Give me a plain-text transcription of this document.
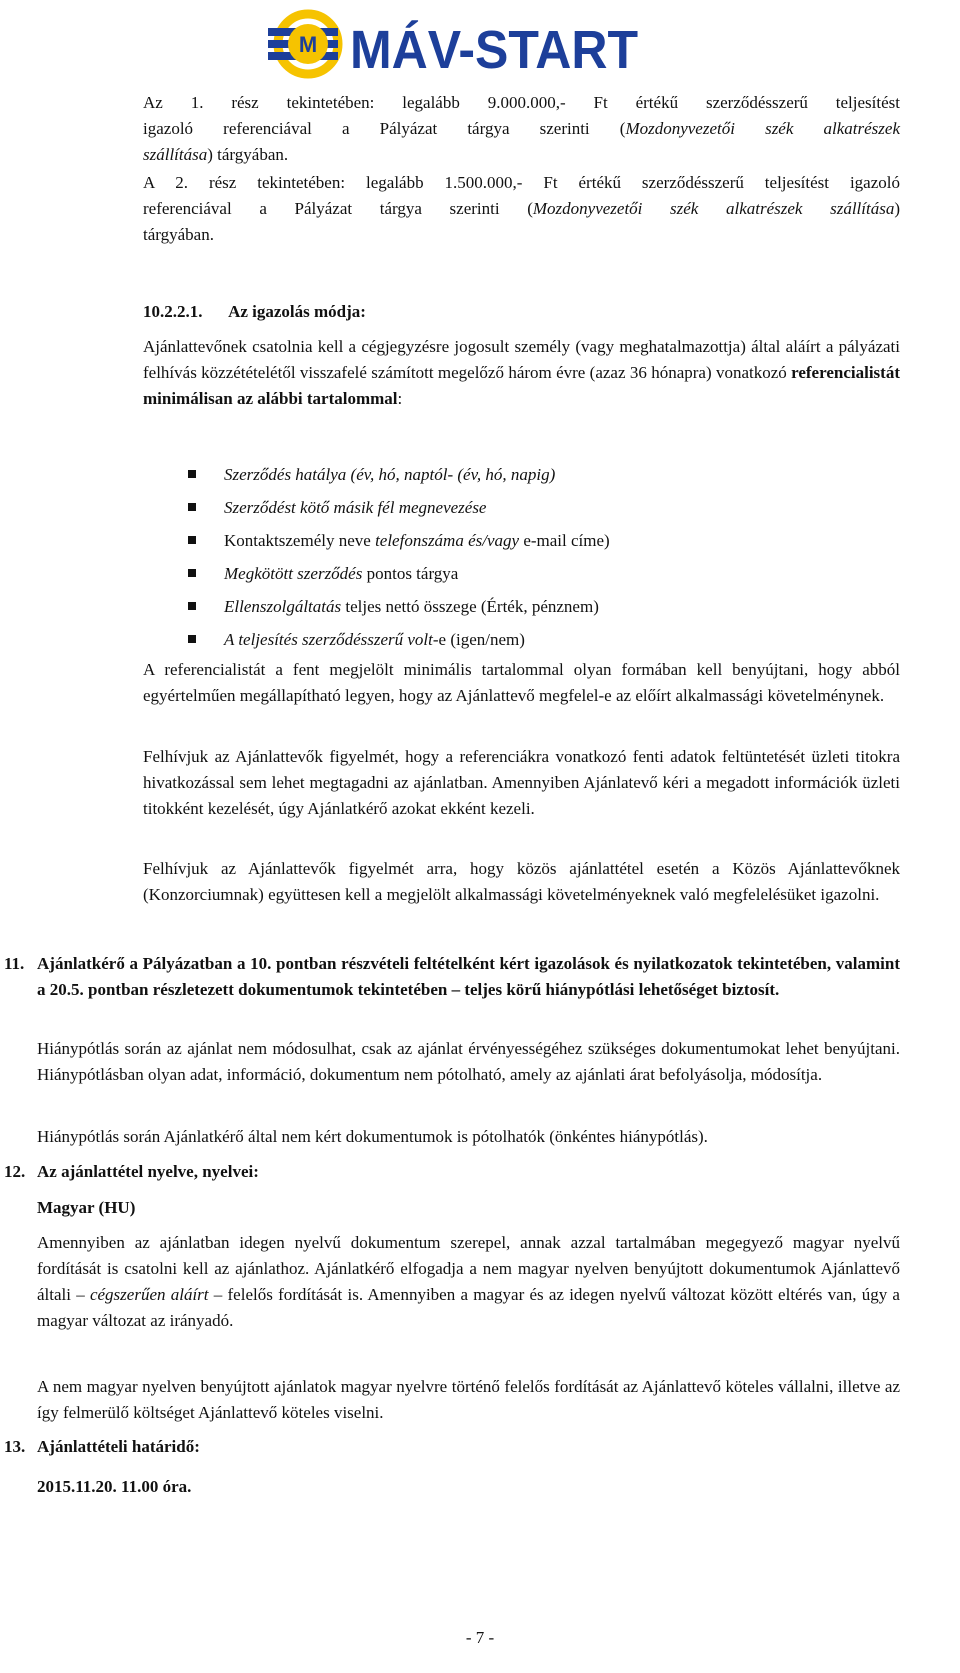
M MÁV-START

Az 1. rész tekintetében: legalább 9.000.000,- Ft értékű szerződésszerű teljesítést

igazoló referenciával a Pályázat tárgya szerinti (Mozdonyvezetői szék alkatrészek

szállítása) tárgyában.

A 2. rész tekintetében: legalább 1.500.000,- Ft értékű szerződésszerű teljesítést igazoló

referenciával a Pályázat tárgya szerinti (Mozdonyvezetői szék alkatrészek szállítása)

tárgyában.

10.2.2.1. Az igazolás módja:

Ajánlattevőnek csatolnia kell a cégjegyzésre jogosult személy (vagy meghatalmazottja) által aláírt a pályázati felhívás közzétételétől visszafelé számított megelőző három évre (azaz 36 hónapra) vonatkozó referencialistát minimálisan az alábbi tartalommal:

Szerződés hatálya (év, hó, naptól- (év, hó, napig)
Szerződést kötő másik fél megnevezése
Kontaktszemély neve telefonszáma és/vagy e-mail címe)
Megkötött szerződés pontos tárgya
Ellenszolgáltatás teljes nettó összege (Érték, pénznem)
A teljesítés szerződésszerű volt-e (igen/nem)
A referencialistát a fent megjelölt minimális tartalommal olyan formában kell benyújtani, hogy abból egyértelműen megállapítható legyen, hogy az Ajánlattevő megfelel-e az előírt alkalmassági követelménynek.
Felhívjuk az Ajánlattevők figyelmét, hogy a referenciákra vonatkozó fenti adatok feltüntetését üzleti titokra hivatkozással sem lehet megtagadni az ajánlatban. Amennyiben Ajánlatevő kéri a megadott információk üzleti titokként kezelését, úgy Ajánlatkérő azokat ekként kezeli.
Felhívjuk az Ajánlattevők figyelmét arra, hogy közös ajánlattétel esetén a Közös Ajánlattevőknek (Konzorciumnak) együttesen kell a megjelölt alkalmassági követelményeknek való megfelelésüket igazolni.
11. Ajánlatkérő a Pályázatban a 10. pontban részvételi feltételként kért igazolások és nyilatkozatok tekintetében, valamint a 20.5. pontban részletezett dokumentumok tekintetében – teljes körű hiánypótlási lehetőséget biztosít.
Hiánypótlás során az ajánlat nem módosulhat, csak az ajánlat érvényességéhez szükséges dokumentumokat lehet benyújtani. Hiánypótlásban olyan adat, információ, dokumentum nem pótolható, amely az ajánlati árat befolyásolja, módosítja.
Hiánypótlás során Ajánlatkérő által nem kért dokumentumok is pótolhatók (önkéntes hiánypótlás).
12. Az ajánlattétel nyelve, nyelvei:
Magyar (HU)

Amennyiben az ajánlatban idegen nyelvű dokumentum szerepel, annak azzal tartalmában megegyező magyar nyelvű fordítását is csatolni kell az ajánlathoz. Ajánlatkérő elfogadja a nem magyar nyelven benyújtott dokumentumok Ajánlattevő általi – cégszerűen aláírt – felelős fordítását is. Amennyiben a magyar és az idegen nyelvű változat között eltérés van, úgy a magyar változat az irányadó.

A nem magyar nyelven benyújtott ajánlatok magyar nyelvre történő felelős fordítását az Ajánlattevő köteles vállalni, illetve az így felmerülő költséget Ajánlattevő köteles viselni.
13. Ajánlattételi határidő:
2015.11.20. 11.00 óra.
- 7 -
